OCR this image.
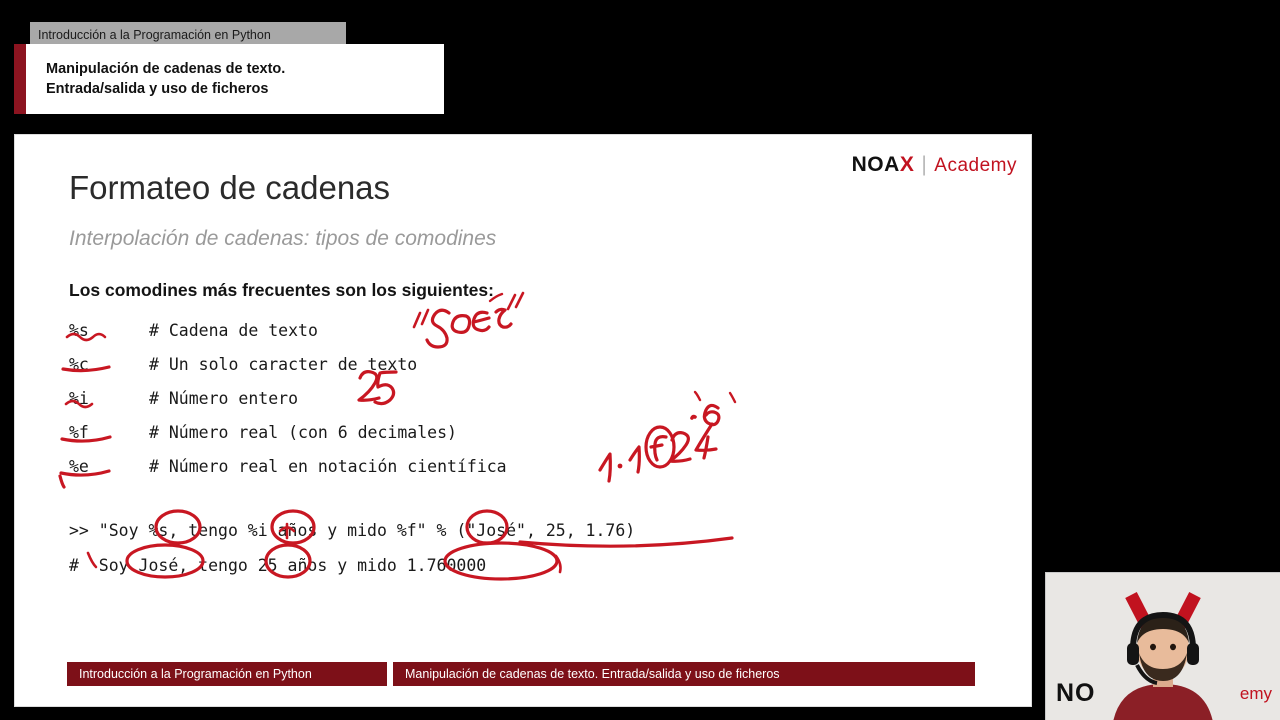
Introducción a la Programación en Python
Manipulación de cadenas de texto.
Entrada/salida y uso de ficheros
NOA X | Academy
Formateo de cadenas
Interpolación de cadenas: tipos de comodines
Los comodines más frecuentes son los siguientes:
%s	# Cadena de texto
%c	# Un solo caracter de texto
%i	# Número entero
%f	# Número real (con 6 decimales)
%e	# Número real en notación científica
>> "Soy %s, tengo %i años y mido %f" % ("José", 25, 1.76)
#  Soy José, tengo 25 años y mido 1.760000
Introducción a la Programación en Python	Manipulación de cadenas de texto. Entrada/salida y uso de ficheros
NO	emy
